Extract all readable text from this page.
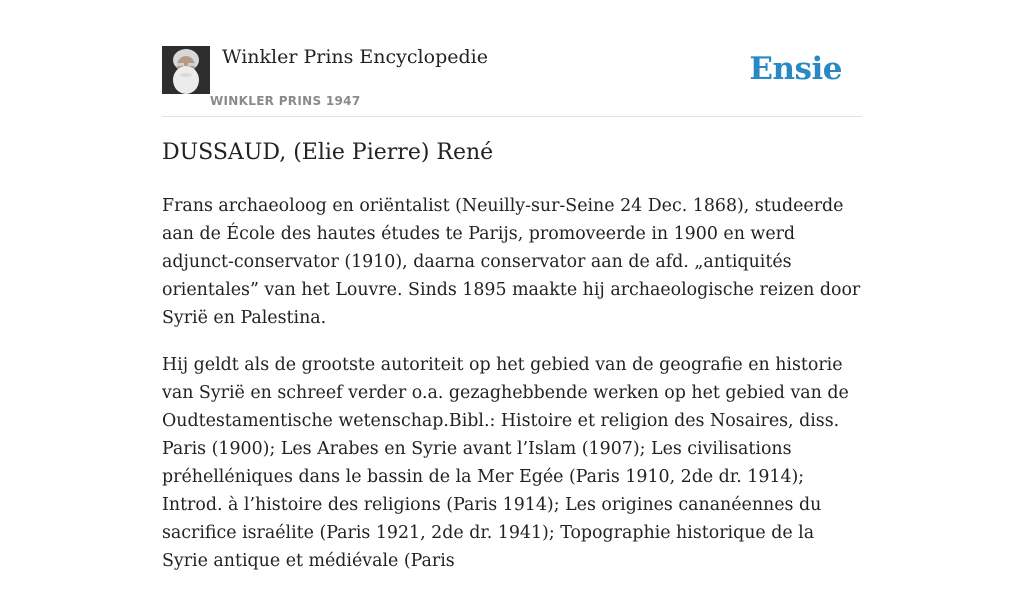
Winkler Prins Encyclopedie
WINKLER PRINS 1947
Ensie
DUSSAUD, (Elie Pierre) René

Frans archaeoloog en oriëntalist (Neuilly-sur-Seine 24 Dec. 1868), studeerde aan de École des hautes études te Parijs, promoveerde in 1900 en werd adjunct-conservator (1910), daarna conservator aan de afd. „antiquités orientales” van het Louvre. Sinds 1895 maakte hij archaeologische reizen door Syrië en Palestina.

Hij geldt als de grootste autoriteit op het gebied van de geografie en historie van Syrië en schreef verder o.a. gezaghebbende werken op het gebied van de Oudtestamentische wetenschap.Bibl.: Histoire et religion des Nosaires, diss. Paris (1900); Les Arabes en Syrie avant l’Islam (1907); Les civilisations préhelléniques dans le bassin de la Mer Egée (Paris 1910, 2de dr. 1914); Introd. à l’histoire des religions (Paris 1914); Les origines cananéennes du sacrifice israélite (Paris 1921, 2de dr. 1941); Topographie historique de la Syrie antique et médiévale (Paris
